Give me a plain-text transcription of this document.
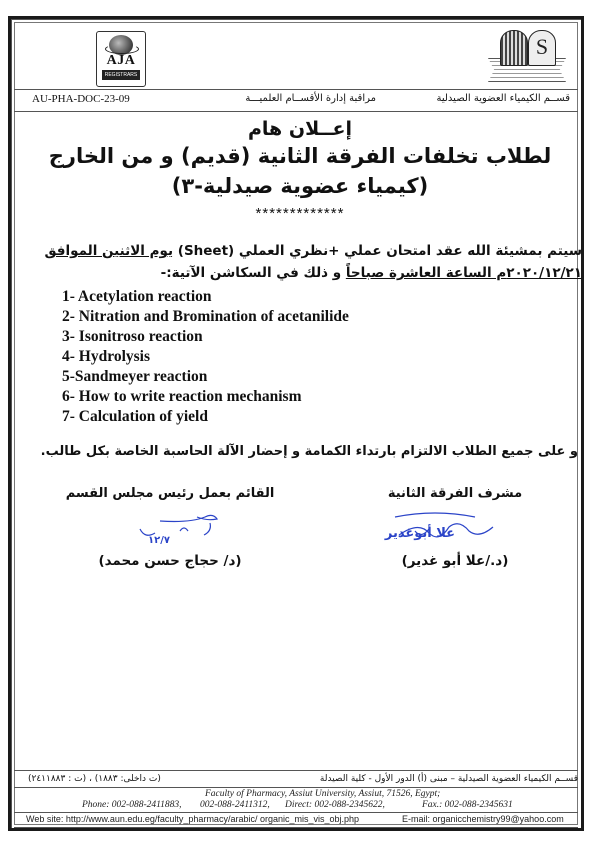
AJA
REGISTRARS
S
AU-PHA-DOC-23-09	مراقبة إدارة الأقســام العلميـــة	قســم الكيمياء العضوية الصيدلية
إعــلان هام
لطلاب تخلفات الفرقة الثانية (قديم) و من الخارج
(كيمياء عضوية صيدلية-٣)
*************
سيتم بمشيئة الله عقد امتحان عملي +نظري العملي (Sheet) يوم الاثنين الموافق
٢٠٢٠/١٢/٢١م الساعة العاشرة صباحاً و ذلك في السكاشن الآتية:-
1- Acetylation reaction
2- Nitration and Bromination of acetanilide
3- Isonitroso reaction
4- Hydrolysis
5-Sandmeyer reaction
6- How to write reaction mechanism
7- Calculation of yield
و على جميع الطلاب الالتزام بارتداء الكمامة و إحضار الآلة الحاسبة الخاصة بكل طالب.
القائم بعمل رئيس مجلس القسم
١٢/٧
(د/ حجاج حسن محمد)
مشرف الفرقة الثانية
علا أبوغدير
(د./علا أبو غدير)
قســم الكيمياء العضوية الصيدلية – مبنى (أ) الدور الأول - كلية الصيدلة
(ت داخلى: ١٨٨٣) ، (ت : ٢٤١١٨٨٣)
Faculty of Pharmacy, Assiut University, Assiut, 71526, Egypt;
Phone: 002-088-2411883, 002-088-2411312, Direct: 002-088-2345622,	Fax.: 002-088-2345631
Web site: http://www.aun.edu.eg/faculty_pharmacy/arabic/ organic_mis_vis_obj.php	E-mail: organicchemistry99@yahoo.com
